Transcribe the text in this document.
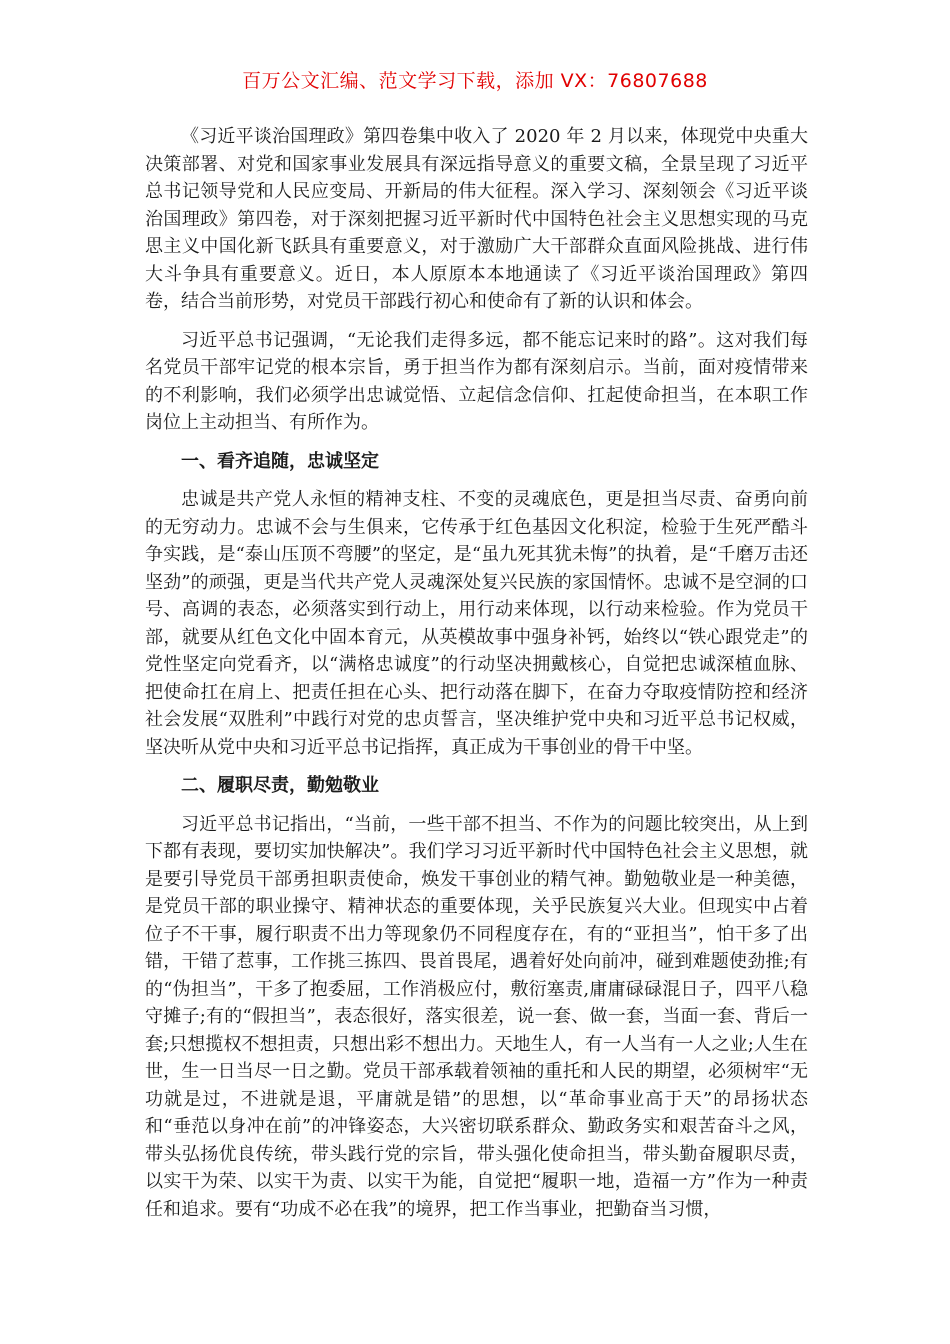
百万公文汇编、范文学习下载，添加 VX：76807688

《习近平谈治国理政》第四卷集中收入了 2020 年 2 月以来，体现党中央重大决策部署、对党和国家事业发展具有深远指导意义的重要文稿，全景呈现了习近平总书记领导党和人民应变局、开新局的伟大征程。深入学习、深刻领会《习近平谈治国理政》第四卷，对于深刻把握习近平新时代中国特色社会主义思想实现的马克思主义中国化新飞跃具有重要意义，对于激励广大干部群众直面风险挑战、进行伟大斗争具有重要意义。近日，本人原原本本地通读了《习近平谈治国理政》第四卷，结合当前形势，对党员干部践行初心和使命有了新的认识和体会。

习近平总书记强调，“无论我们走得多远，都不能忘记来时的路”。这对我们每名党员干部牢记党的根本宗旨，勇于担当作为都有深刻启示。当前，面对疫情带来的不利影响，我们必须学出忠诚觉悟、立起信念信仰、扛起使命担当，在本职工作岗位上主动担当、有所作为。

一、看齐追随，忠诚坚定

忠诚是共产党人永恒的精神支柱、不变的灵魂底色，更是担当尽责、奋勇向前的无穷动力。忠诚不会与生俱来，它传承于红色基因文化积淀，检验于生死严酷斗争实践，是“泰山压顶不弯腰”的坚定，是“虽九死其犹未悔”的执着，是“千磨万击还坚劲”的顽强，更是当代共产党人灵魂深处复兴民族的家国情怀。忠诚不是空洞的口号、高调的表态，必须落实到行动上，用行动来体现，以行动来检验。作为党员干部，就要从红色文化中固本育元，从英模故事中强身补钙，始终以“铁心跟党走”的党性坚定向党看齐，以“满格忠诚度”的行动坚决拥戴核心，自觉把忠诚深植血脉、把使命扛在肩上、把责任担在心头、把行动落在脚下，在奋力夺取疫情防控和经济社会发展“双胜利”中践行对党的忠贞誓言，坚决维护党中央和习近平总书记权威，坚决听从党中央和习近平总书记指挥，真正成为干事创业的骨干中坚。

二、履职尽责，勤勉敬业

习近平总书记指出，“当前，一些干部不担当、不作为的问题比较突出，从上到下都有表现，要切实加快解决”。我们学习习近平新时代中国特色社会主义思想，就是要引导党员干部勇担职责使命，焕发干事创业的精气神。勤勉敬业是一种美德，是党员干部的职业操守、精神状态的重要体现，关乎民族复兴大业。但现实中占着位子不干事，履行职责不出力等现象仍不同程度存在，有的“亚担当”，怕干多了出错，干错了惹事，工作挑三拣四、畏首畏尾，遇着好处向前冲，碰到难题使劲推;有的“伪担当”，干多了抱委屈，工作消极应付，敷衍塞责,庸庸碌碌混日子，四平八稳守摊子;有的“假担当”，表态很好，落实很差，说一套、做一套，当面一套、背后一套;只想揽权不想担责，只想出彩不想出力。天地生人，有一人当有一人之业;人生在世，生一日当尽一日之勤。党员干部承载着领袖的重托和人民的期望，必须树牢“无功就是过，不进就是退，平庸就是错”的思想，以“革命事业高于天”的昂扬状态和“垂范以身冲在前”的冲锋姿态，大兴密切联系群众、勤政务实和艰苦奋斗之风，带头弘扬优良传统，带头践行党的宗旨，带头强化使命担当，带头勤奋履职尽责，以实干为荣、以实干为责、以实干为能，自觉把“履职一地，造福一方”作为一种责任和追求。要有“功成不必在我”的境界，把工作当事业，把勤奋当习惯，
